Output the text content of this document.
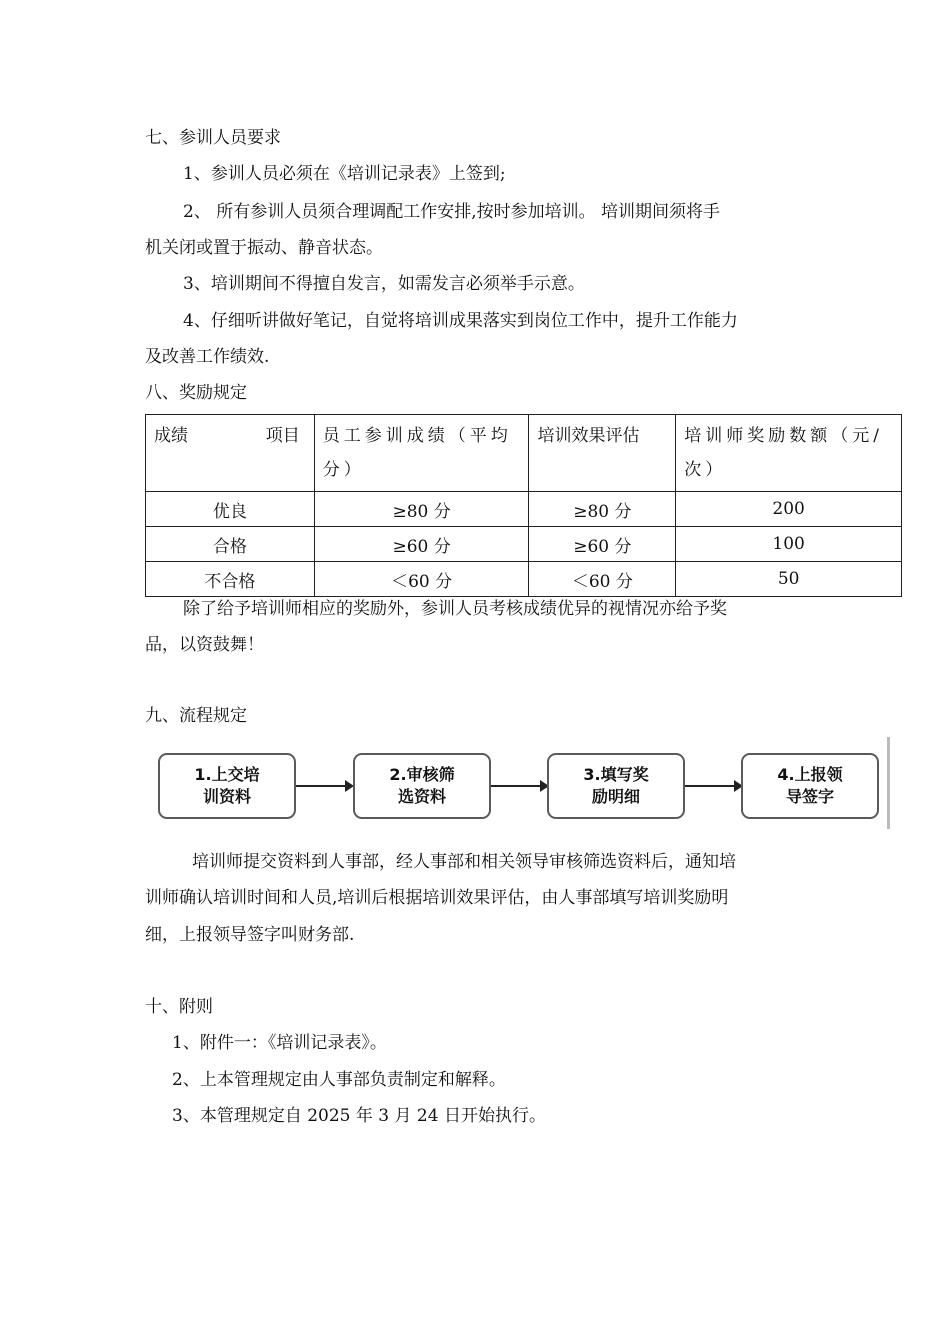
七、参训人员要求
1、参训人员必须在《培训记录表》上签到;
2、 所有参训人员须合理调配工作安排,按时参加培训。 培训期间须将手
机关闭或置于振动、静音状态。
3、培训期间不得擅自发言，如需发言必须举手示意。
4、仔细听讲做好笔记，自觉将培训成果落实到岗位工作中，提升工作能力
及改善工作绩效.
八、奖励规定
成绩 项目	员工参训成绩（平均分）	培训效果评估	培训师奖励数额（元/次）
优良	≥80 分	≥80 分	200
合格	≥60 分	≥60 分	100
不合格	＜60 分	＜60 分	50
除了给予培训师相应的奖励外，参训人员考核成绩优异的视情况亦给予奖
品，以资鼓舞！
九、流程规定
1.上交培训资料
2.审核筛选资料
3.填写奖励明细
4.上报领导签字
培训师提交资料到人事部，经人事部和相关领导审核筛选资料后，通知培
训师确认培训时间和人员,培训后根据培训效果评估，由人事部填写培训奖励明
细，上报领导签字叫财务部.
十、附则
1、附件一：《培训记录表》。
2、上本管理规定由人事部负责制定和解释。
3、本管理规定自 2025 年 3 月 24 日开始执行。
